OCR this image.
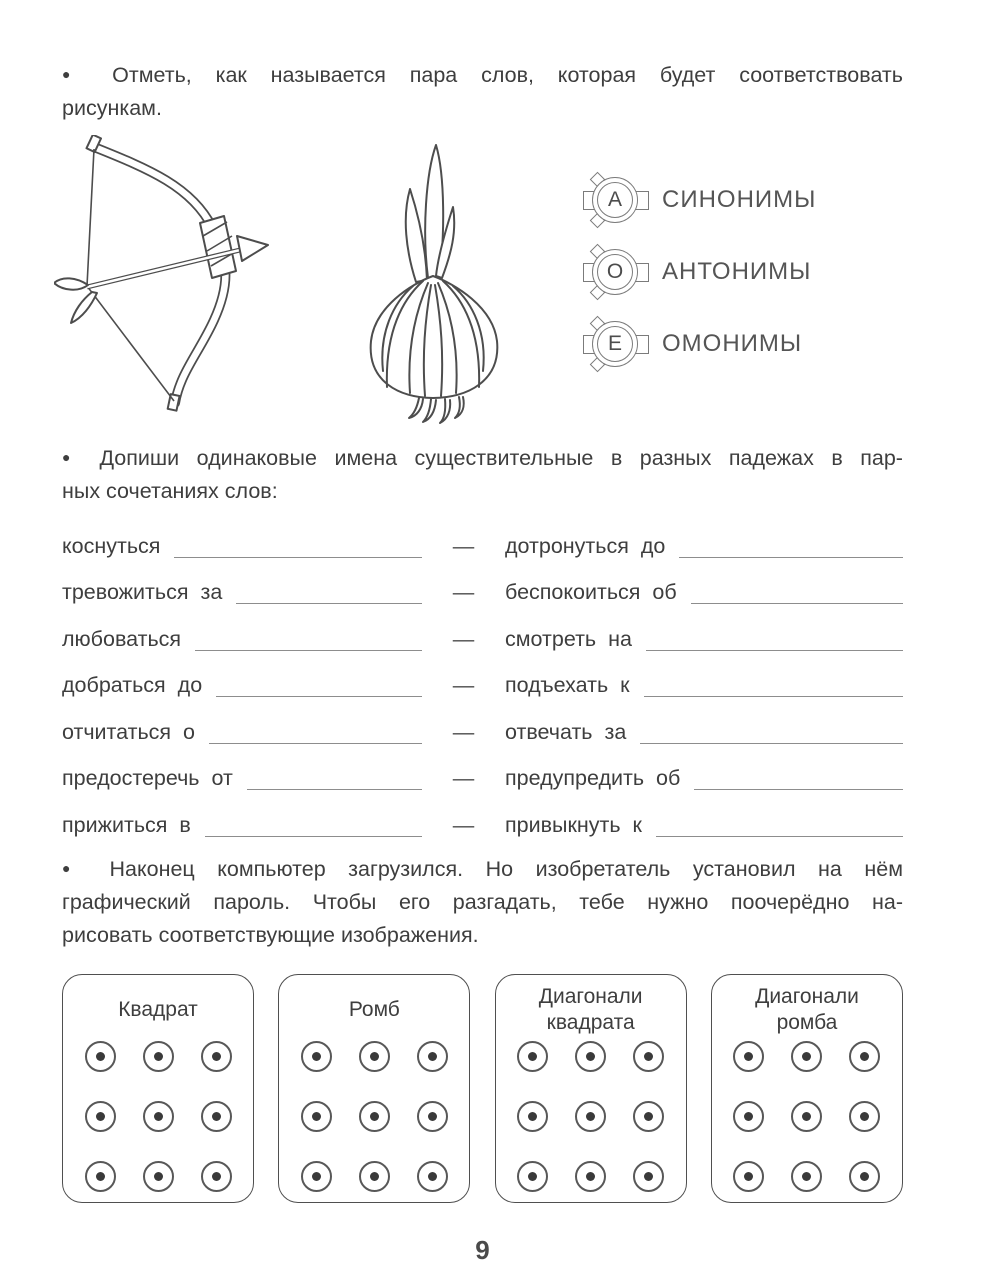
● Отметь, как называется пара слов, которая будет соответствовать
рисункам.
А	СИНОНИМЫ
О	АНТОНИМЫ
Е	ОМОНИМЫ
● Допиши одинаковые имена существительные в разных падежах в пар-
ных сочетаниях слов:
коснуться	—	дотронуться до
тревожиться за	—	беспокоиться об
любоваться	—	смотреть на
добраться до	—	подъехать к
отчитаться о	—	отвечать за
предостеречь от	—	предупредить об
прижиться в	—	привыкнуть к
● Наконец компьютер загрузился. Но изобретатель установил на нём
графический пароль. Чтобы его разгадать, тебе нужно поочерёдно на-
рисовать соответствующие изображения.
Квадрат	Ромб
Диагонали квадрата
Диагонали ромба
9
